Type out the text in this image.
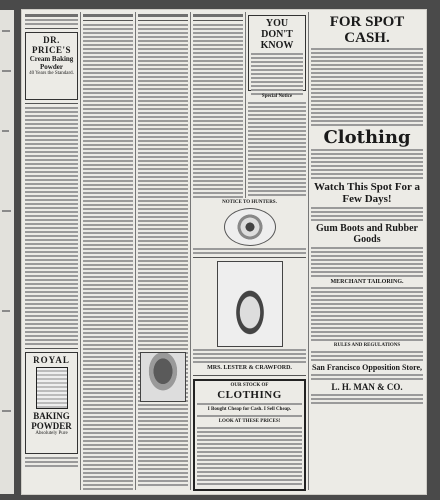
DR. PRICE'S
Cream Baking Powder
40 Years the Standard.
ROYAL
BAKING POWDER
Absolutely Pure
YOU DON'T KNOW
Special Notice
NOTICE TO HUNTERS.
MRS. LESTER & CRAWFORD.
OUR STOCK OF
CLOTHING
I Bought Cheap for Cash. I Sell Cheap.
LOOK AT THESE PRICES!
FOR SPOT CASH.
Clothing
Watch This Spot For a Few Days!
Gum Boots and Rubber Goods
MERCHANT TAILORING.
RULES AND REGULATIONS
San Francisco Opposition Store,
L. H. MAN & CO.
